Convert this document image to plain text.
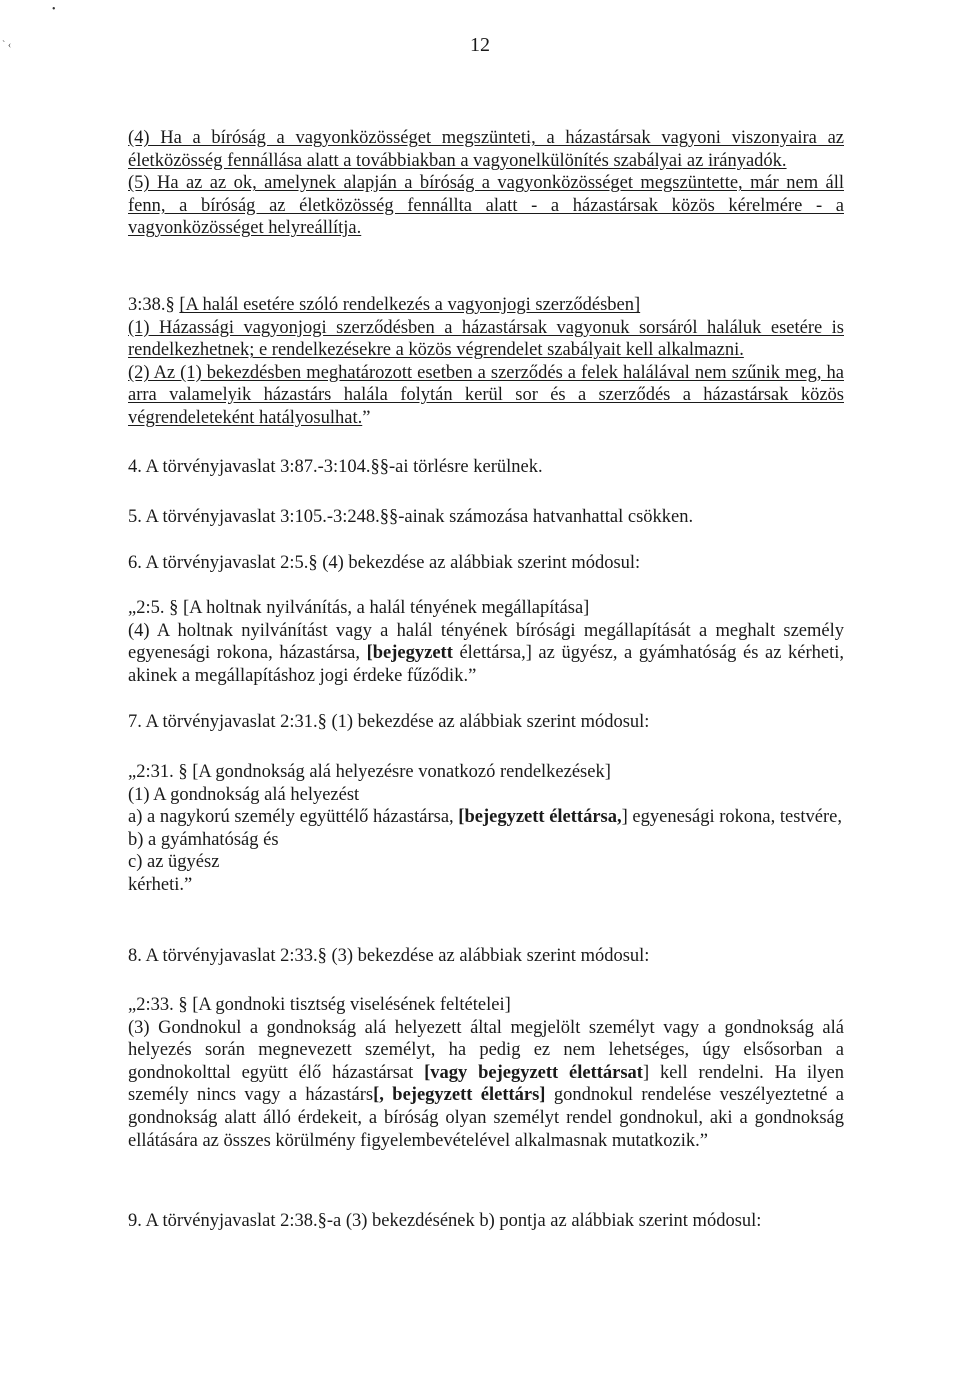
•
` ‹	12

(4) Ha a bíróság a vagyonközösséget megszünteti, a házastársak vagyoni viszonyaira az életközösség fennállása alatt a továbbiakban a vagyonelkülönítés szabályai az irányadók.

(5) Ha az az ok, amelynek alapján a bíróság a vagyonközösséget megszüntette, már nem áll fenn, a bíróság az életközösség fennállta alatt - a házastársak közös kérelmére - a vagyonközösséget helyreállítja.

3:38.§ [A halál esetére szóló rendelkezés a vagyonjogi szerződésben]

(1) Házassági vagyonjogi szerződésben a házastársak vagyonuk sorsáról haláluk esetére is rendelkezhetnek; e rendelkezésekre a közös végrendelet szabályait kell alkalmazni.

(2) Az (1) bekezdésben meghatározott esetben a szerződés a felek halálával nem szűnik meg, ha arra valamelyik házastárs halála folytán kerül sor és a szerződés a házastársak közös végrendeleteként hatályosulhat.”

4. A törvényjavaslat 3:87.-3:104.§§-ai törlésre kerülnek.
5. A törvényjavaslat 3:105.-3:248.§§-ainak számozása hatvanhattal csökken.
6. A törvényjavaslat 2:5.§ (4) bekezdése az alábbiak szerint módosul:

„2:5. § [A holtnak nyilvánítás, a halál tényének megállapítása]

(4) A holtnak nyilvánítást vagy a halál tényének bírósági megállapítását a meghalt személy egyenesági rokona, házastársa, [bejegyzett élettársa,] az ügyész, a gyámhatóság és az kérheti, akinek a megállapításhoz jogi érdeke fűződik.”

7. A törvényjavaslat 2:31.§ (1) bekezdése az alábbiak szerint módosul:

„2:31. § [A gondnokság alá helyezésre vonatkozó rendelkezések]

(1) A gondnokság alá helyezést

a) a nagykorú személy együttélő házastársa, [bejegyzett élettársa,] egyenesági rokona, testvére,

b) a gyámhatóság és

c) az ügyész

kérheti.”

8. A törvényjavaslat 2:33.§ (3) bekezdése az alábbiak szerint módosul:

„2:33. § [A gondnoki tisztség viselésének feltételei]

(3) Gondnokul a gondnokság alá helyezett által megjelölt személyt vagy a gondnokság alá helyezés során megnevezett személyt, ha pedig ez nem lehetséges, úgy elsősorban a gondnokolttal együtt élő házastársat [vagy bejegyzett élettársat] kell rendelni. Ha ilyen személy nincs vagy a házastárs[, bejegyzett élettárs] gondnokul rendelése veszélyeztetné a gondnokság alatt álló érdekeit, a bíróság olyan személyt rendel gondnokul, aki a gondnokság ellátására az összes körülmény figyelembevételével alkalmasnak mutatkozik.”

9. A törvényjavaslat 2:38.§-a (3) bekezdésének b) pontja az alábbiak szerint módosul:
